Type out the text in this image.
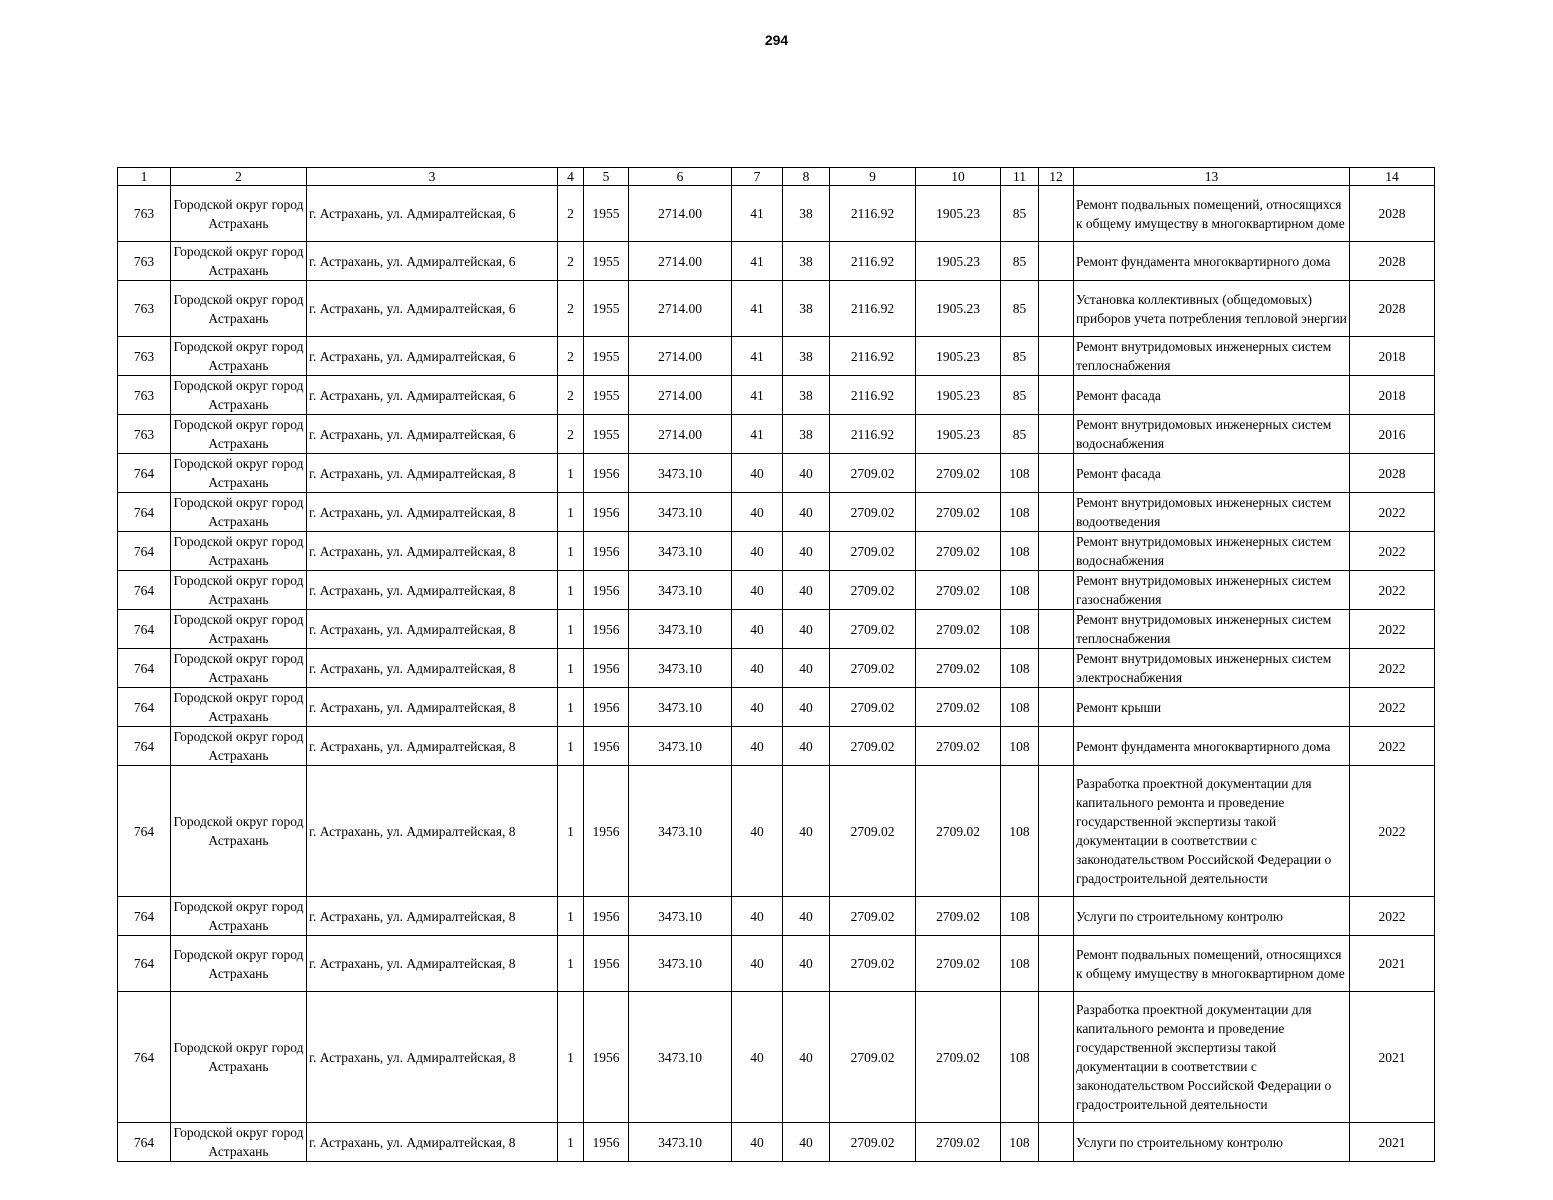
294
1	2	3	4	5	6	7	8	9	10	11	12	13	14
763	Городской округ город Астрахань	г. Астрахань, ул. Адмиралтейская, 6	2	1955	2714.00	41	38	2116.92	1905.23	85		Ремонт подвальных помещений, относящихся к общему имуществу в многоквартирном доме	2028
763	Городской округ город Астрахань	г. Астрахань, ул. Адмиралтейская, 6	2	1955	2714.00	41	38	2116.92	1905.23	85		Ремонт фундамента многоквартирного дома	2028
763	Городской округ город Астрахань	г. Астрахань, ул. Адмиралтейская, 6	2	1955	2714.00	41	38	2116.92	1905.23	85		Установка коллективных (общедомовых) приборов учета потребления тепловой энергии	2028
763	Городской округ город Астрахань	г. Астрахань, ул. Адмиралтейская, 6	2	1955	2714.00	41	38	2116.92	1905.23	85		Ремонт внутридомовых инженерных систем теплоснабжения	2018
763	Городской округ город Астрахань	г. Астрахань, ул. Адмиралтейская, 6	2	1955	2714.00	41	38	2116.92	1905.23	85		Ремонт фасада	2018
763	Городской округ город Астрахань	г. Астрахань, ул. Адмиралтейская, 6	2	1955	2714.00	41	38	2116.92	1905.23	85		Ремонт внутридомовых инженерных систем водоснабжения	2016
764	Городской округ город Астрахань	г. Астрахань, ул. Адмиралтейская, 8	1	1956	3473.10	40	40	2709.02	2709.02	108		Ремонт фасада	2028
764	Городской округ город Астрахань	г. Астрахань, ул. Адмиралтейская, 8	1	1956	3473.10	40	40	2709.02	2709.02	108		Ремонт внутридомовых инженерных систем водоотведения	2022
764	Городской округ город Астрахань	г. Астрахань, ул. Адмиралтейская, 8	1	1956	3473.10	40	40	2709.02	2709.02	108		Ремонт внутридомовых инженерных систем водоснабжения	2022
764	Городской округ город Астрахань	г. Астрахань, ул. Адмиралтейская, 8	1	1956	3473.10	40	40	2709.02	2709.02	108		Ремонт внутридомовых инженерных систем газоснабжения	2022
764	Городской округ город Астрахань	г. Астрахань, ул. Адмиралтейская, 8	1	1956	3473.10	40	40	2709.02	2709.02	108		Ремонт внутридомовых инженерных систем теплоснабжения	2022
764	Городской округ город Астрахань	г. Астрахань, ул. Адмиралтейская, 8	1	1956	3473.10	40	40	2709.02	2709.02	108		Ремонт внутридомовых инженерных систем электроснабжения	2022
764	Городской округ город Астрахань	г. Астрахань, ул. Адмиралтейская, 8	1	1956	3473.10	40	40	2709.02	2709.02	108		Ремонт крыши	2022
764	Городской округ город Астрахань	г. Астрахань, ул. Адмиралтейская, 8	1	1956	3473.10	40	40	2709.02	2709.02	108		Ремонт фундамента многоквартирного дома	2022
764	Городской округ город Астрахань	г. Астрахань, ул. Адмиралтейская, 8	1	1956	3473.10	40	40	2709.02	2709.02	108		Разработка проектной документации для капитального ремонта и проведение государственной экспертизы такой документации в соответствии с законодательством Российской Федерации о градостроительной деятельности	2022
764	Городской округ город Астрахань	г. Астрахань, ул. Адмиралтейская, 8	1	1956	3473.10	40	40	2709.02	2709.02	108		Услуги по строительному контролю	2022
764	Городской округ город Астрахань	г. Астрахань, ул. Адмиралтейская, 8	1	1956	3473.10	40	40	2709.02	2709.02	108		Ремонт подвальных помещений, относящихся к общему имуществу в многоквартирном доме	2021
764	Городской округ город Астрахань	г. Астрахань, ул. Адмиралтейская, 8	1	1956	3473.10	40	40	2709.02	2709.02	108		Разработка проектной документации для капитального ремонта и проведение государственной экспертизы такой документации в соответствии с законодательством Российской Федерации о градостроительной деятельности	2021
764	Городской округ город Астрахань	г. Астрахань, ул. Адмиралтейская, 8	1	1956	3473.10	40	40	2709.02	2709.02	108		Услуги по строительному контролю	2021
